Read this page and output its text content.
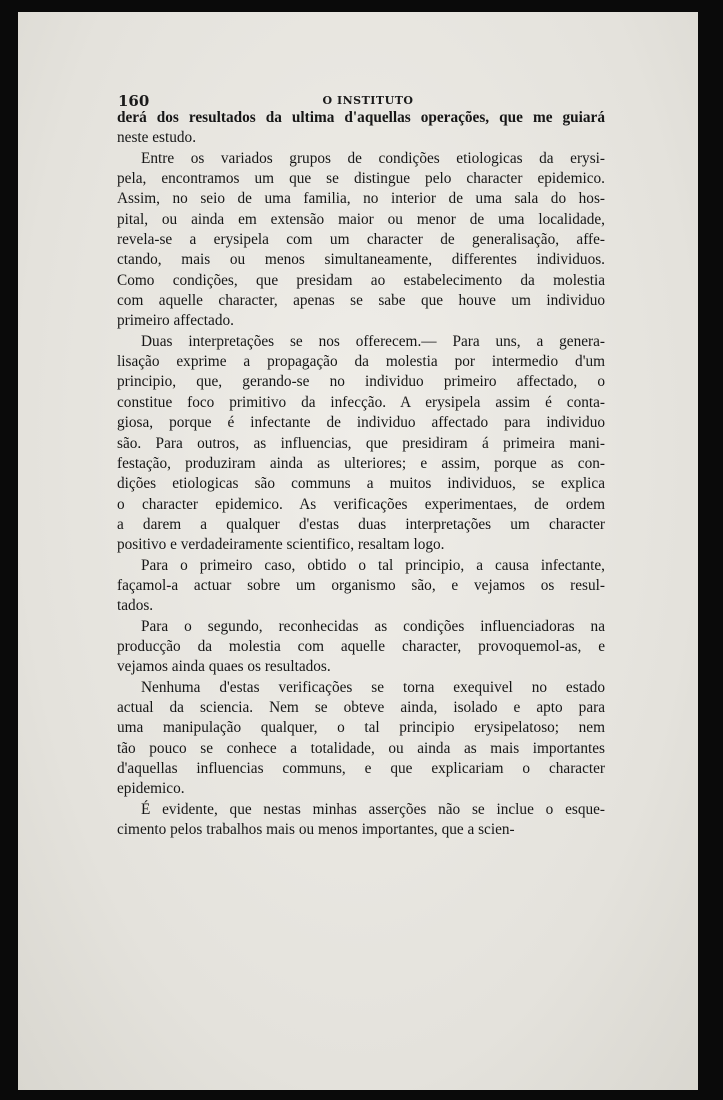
160	O INSTITUTO
derá dos resultados da ultima d'aquellas operações, que me guiará
neste estudo.
Entre os variados grupos de condições etiologicas da erysi-
pela, encontramos um que se distingue pelo character epidemico.
Assim, no seio de uma familia, no interior de uma sala do hos-
pital, ou ainda em extensão maior ou menor de uma localidade,
revela-se a erysipela com um character de generalisação, affe-
ctando, mais ou menos simultaneamente, differentes individuos.
Como condições, que presidam ao estabelecimento da molestia
com aquelle character, apenas se sabe que houve um individuo
primeiro affectado.
Duas interpretações se nos offerecem.— Para uns, a genera-
lisação exprime a propagação da molestia por intermedio d'um
principio, que, gerando-se no individuo primeiro affectado, o
constitue foco primitivo da infecção. A erysipela assim é conta-
giosa, porque é infectante de individuo affectado para individuo
são. Para outros, as influencias, que presidiram á primeira mani-
festação, produziram ainda as ulteriores; e assim, porque as con-
dições etiologicas são communs a muitos individuos, se explica
o character epidemico. As verificações experimentaes, de ordem
a darem a qualquer d'estas duas interpretações um character
positivo e verdadeiramente scientifico, resaltam logo.
Para o primeiro caso, obtido o tal principio, a causa infectante,
façamol-a actuar sobre um organismo são, e vejamos os resul-
tados.
Para o segundo, reconhecidas as condições influenciadoras na
producção da molestia com aquelle character, provoquemol-as, e
vejamos ainda quaes os resultados.
Nenhuma d'estas verificações se torna exequivel no estado
actual da sciencia. Nem se obteve ainda, isolado e apto para
uma manipulação qualquer, o tal principio erysipelatoso; nem
tão pouco se conhece a totalidade, ou ainda as mais importantes
d'aquellas influencias communs, e que explicariam o character
epidemico.
É evidente, que nestas minhas asserções não se inclue o esque-
cimento pelos trabalhos mais ou menos importantes, que a scien-
